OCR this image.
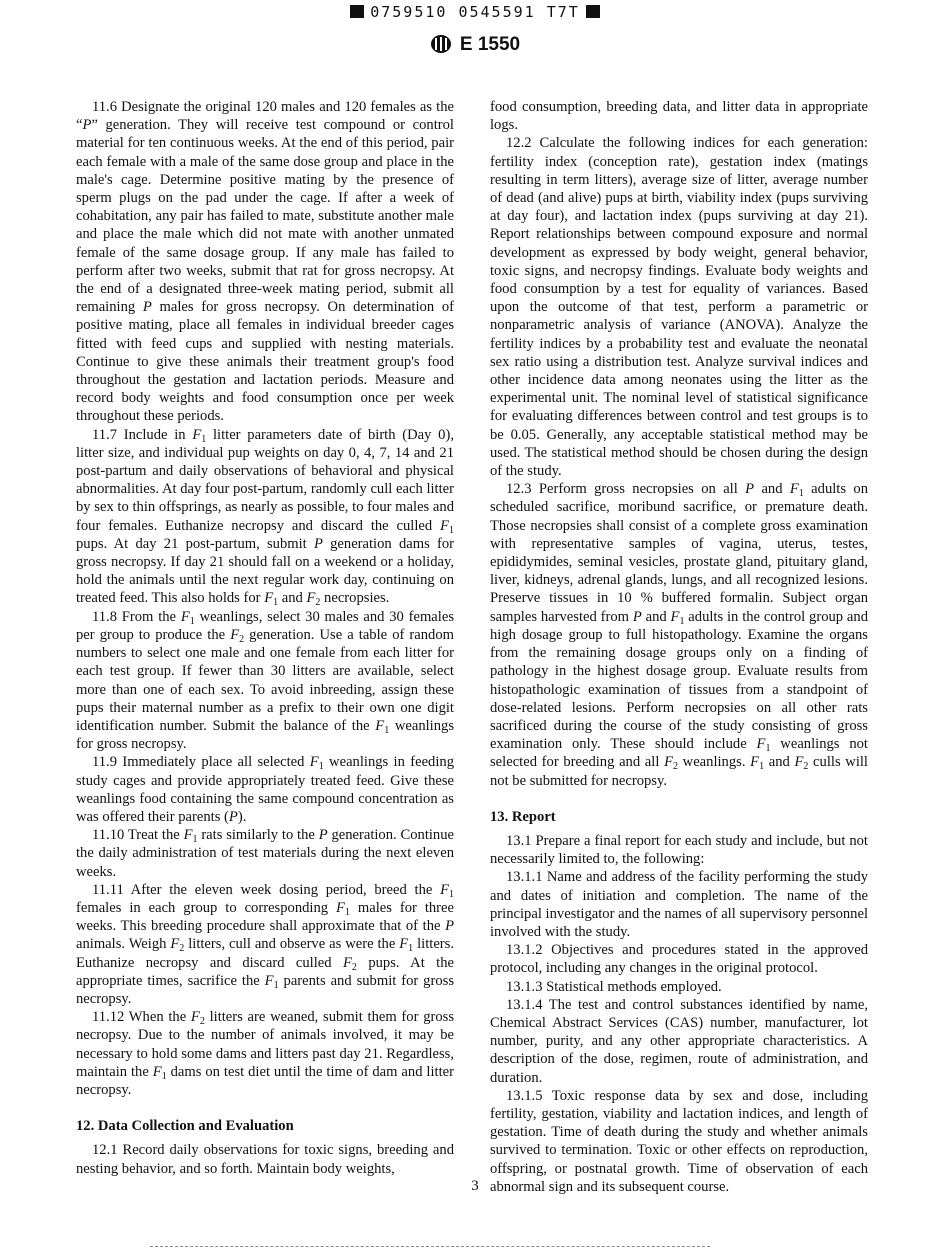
0759510 0545591 T7T
E 1550

11.6 Designate the original 120 males and 120 females as the “P” generation. They will receive test compound or control material for ten continuous weeks. At the end of this period, pair each female with a male of the same dose group and place in the male's cage. Determine positive mating by the presence of sperm plugs on the pad under the cage. If after a week of cohabitation, any pair has failed to mate, substitute another male and place the male which did not mate with another unmated female of the same dosage group. If any male has failed to perform after two weeks, submit that rat for gross necropsy. At the end of a designated three-week mating period, submit all remaining P males for gross necropsy. On determination of positive mating, place all females in individual breeder cages fitted with feed cups and supplied with nesting materials. Continue to give these animals their treatment group's food throughout the gestation and lactation periods. Measure and record body weights and food consumption once per week throughout these periods.

11.7 Include in $F_1$ litter parameters date of birth (Day 0), litter size, and individual pup weights on day 0, 4, 7, 14 and 21 post-partum and daily observations of behavioral and physical abnormalities. At day four post-partum, randomly cull each litter by sex to thin offsprings, as nearly as possible, to four males and four females. Euthanize necropsy and discard the culled $F_1$ pups. At day 21 post-partum, submit P generation dams for gross necropsy. If day 21 should fall on a weekend or a holiday, hold the animals until the next regular work day, continuing on treated feed. This also holds for $F_1$ and $F_2$ necropsies.

11.8 From the $F_1$ weanlings, select 30 males and 30 females per group to produce the $F_2$ generation. Use a table of random numbers to select one male and one female from each litter for each test group. If fewer than 30 litters are available, select more than one of each sex. To avoid inbreeding, assign these pups their maternal number as a prefix to their own one digit identification number. Submit the balance of the $F_1$ weanlings for gross necropsy.

11.9 Immediately place all selected $F_1$ weanlings in feeding study cages and provide appropriately treated feed. Give these weanlings food containing the same compound concentration as was offered their parents (P).

11.10 Treat the $F_1$ rats similarly to the P generation. Continue the daily administration of test materials during the next eleven weeks.

11.11 After the eleven week dosing period, breed the $F_1$ females in each group to corresponding $F_1$ males for three weeks. This breeding procedure shall approximate that of the P animals. Weigh $F_2$ litters, cull and observe as were the $F_1$ litters. Euthanize necropsy and discard culled $F_2$ pups. At the appropriate times, sacrifice the $F_1$ parents and submit for gross necropsy.

11.12 When the $F_2$ litters are weaned, submit them for gross necropsy. Due to the number of animals involved, it may be necessary to hold some dams and litters past day 21. Regardless, maintain the $F_1$ dams on test diet until the time of dam and litter necropsy.

12. Data Collection and Evaluation

12.1 Record daily observations for toxic signs, breeding and nesting behavior, and so forth. Maintain body weights,

food consumption, breeding data, and litter data in appropriate logs.

12.2 Calculate the following indices for each generation: fertility index (conception rate), gestation index (matings resulting in term litters), average size of litter, average number of dead (and alive) pups at birth, viability index (pups surviving at day four), and lactation index (pups surviving at day 21). Report relationships between compound exposure and normal development as expressed by body weight, general behavior, toxic signs, and necropsy findings. Evaluate body weights and food consumption by a test for equality of variances. Based upon the outcome of that test, perform a parametric or nonparametric analysis of variance (ANOVA). Analyze the fertility indices by a probability test and evaluate the neonatal sex ratio using a distribution test. Analyze survival indices and other incidence data among neonates using the litter as the experimental unit. The nominal level of statistical significance for evaluating differences between control and test groups is to be 0.05. Generally, any acceptable statistical method may be used. The statistical method should be chosen during the design of the study.

12.3 Perform gross necropsies on all P and $F_1$ adults on scheduled sacrifice, moribund sacrifice, or premature death. Those necropsies shall consist of a complete gross examination with representative samples of vagina, uterus, testes, epididymides, seminal vesicles, prostate gland, pituitary gland, liver, kidneys, adrenal glands, lungs, and all recognized lesions. Preserve tissues in 10 % buffered formalin. Subject organ samples harvested from P and $F_1$ adults in the control group and high dosage group to full histopathology. Examine the organs from the remaining dosage groups only on a finding of pathology in the highest dosage group. Evaluate results from histopathologic examination of tissues from a standpoint of dose-related lesions. Perform necropsies on all other rats sacrificed during the course of the study consisting of gross examination only. These should include $F_1$ weanlings not selected for breeding and all $F_2$ weanlings. $F_1$ and $F_2$ culls will not be submitted for necropsy.

13. Report

13.1 Prepare a final report for each study and include, but not necessarily limited to, the following:

13.1.1 Name and address of the facility performing the study and dates of initiation and completion. The name of the principal investigator and the names of all supervisory personnel involved with the study.

13.1.2 Objectives and procedures stated in the approved protocol, including any changes in the original protocol.

13.1.3 Statistical methods employed.

13.1.4 The test and control substances identified by name, Chemical Abstract Services (CAS) number, manufacturer, lot number, purity, and any other appropriate characteristics. A description of the dose, regimen, route of administration, and duration.

13.1.5 Toxic response data by sex and dose, including fertility, gestation, viability and lactation indices, and length of gestation. Time of death during the study and whether animals survived to termination. Toxic or other effects on reproduction, offspring, or postnatal growth. Time of observation of each abnormal sign and its subsequent course.

3
